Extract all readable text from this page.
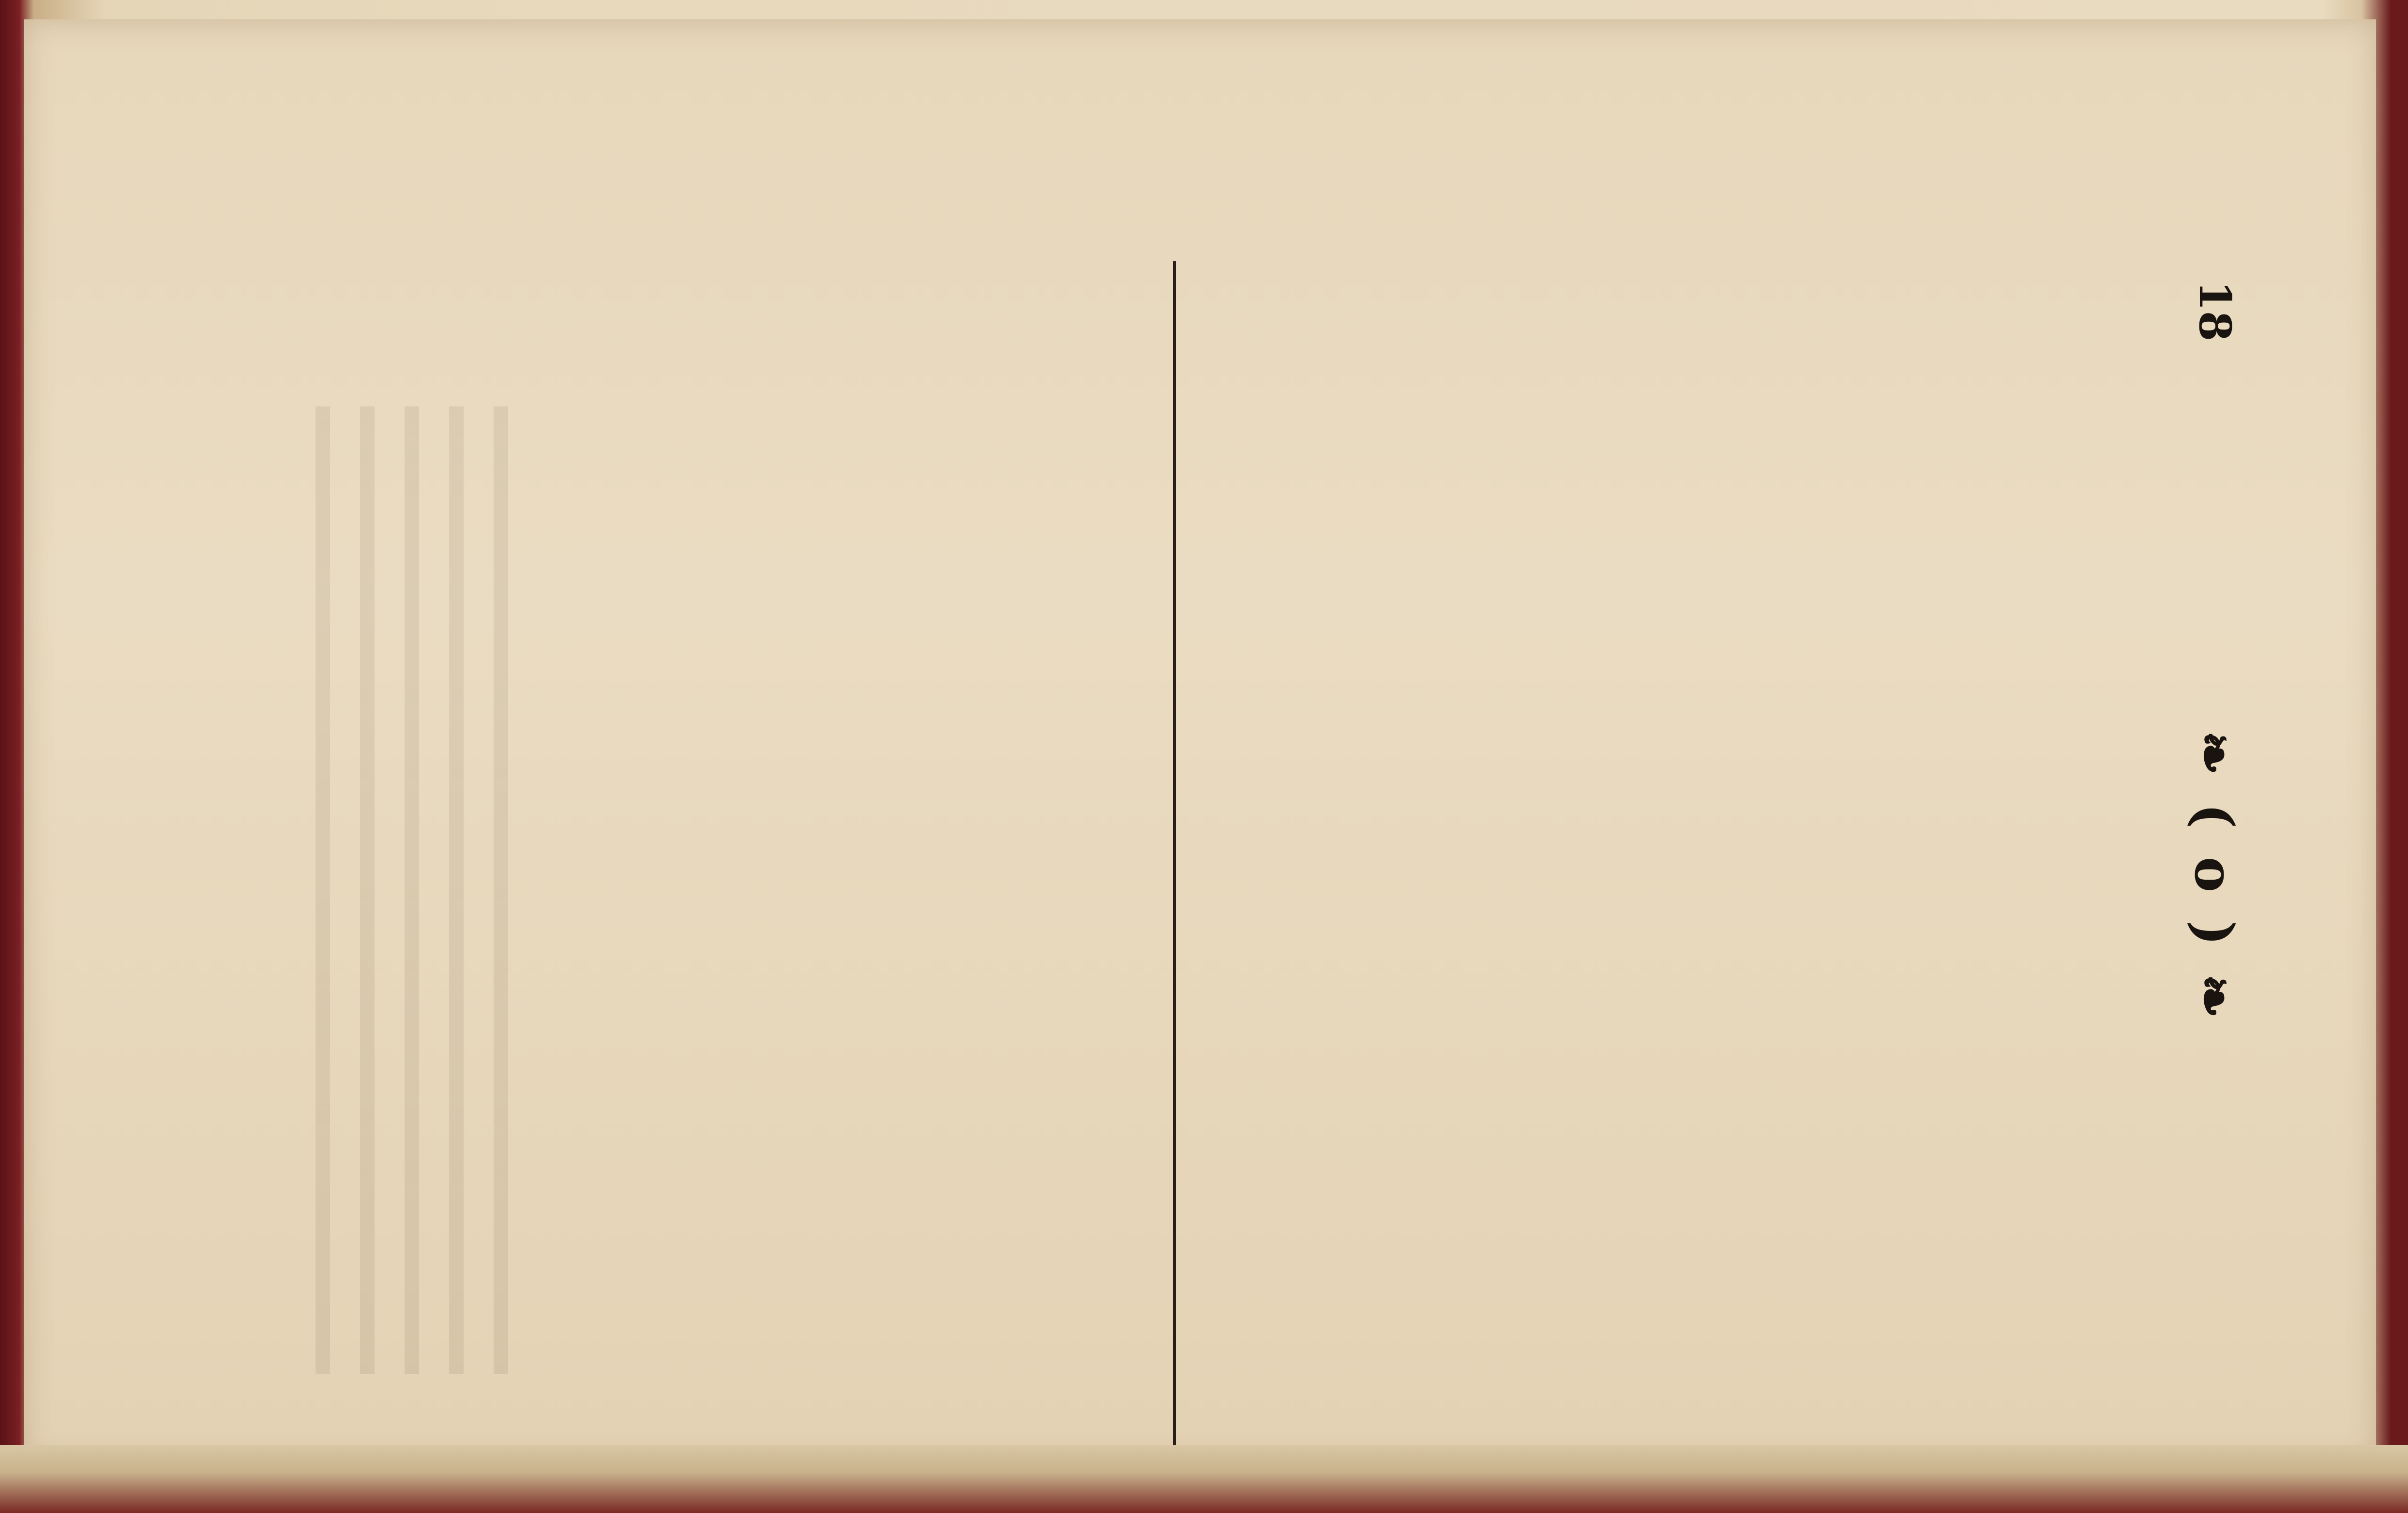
18
❧ ( o ) ❧
